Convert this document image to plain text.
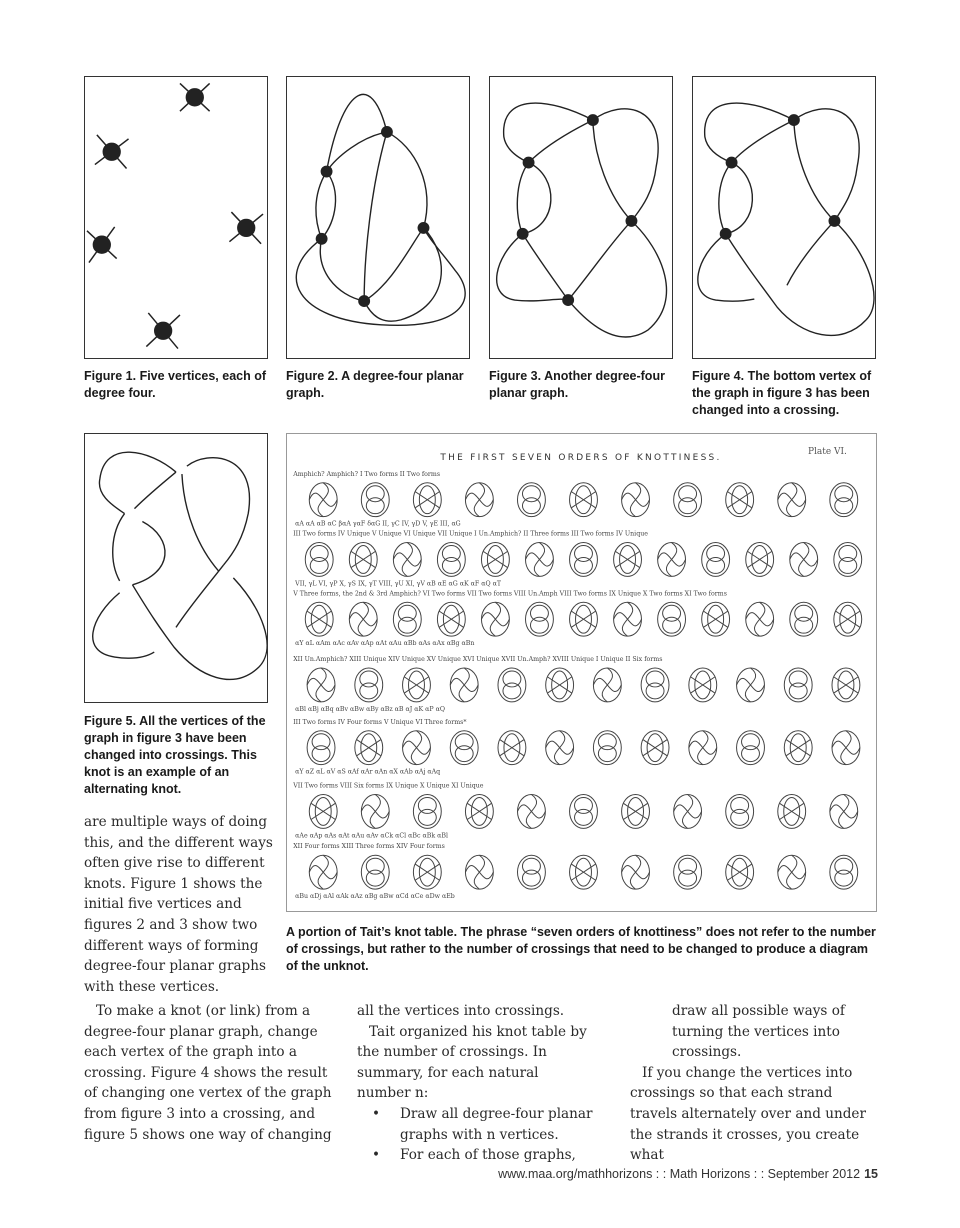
Figure 1. Five vertices, each of degree four.
Figure 2. A degree-four planar graph.
Figure 3. Another degree-four planar graph.
Figure 4. The bottom vertex of the graph in figure 3 has been changed into a crossing.
Figure 5. All the vertices of the graph in figure 3 have been changed into crossings. This knot is an example of an alternating knot.
THE FIRST SEVEN ORDERS OF KNOTTINESS.
Plate VI.
Amphich? Amphich? I Two forms II Two forms
αA αA αB αC βαA γαF δαG II, γC IV, γD V, γE III, αG
III Two forms IV Unique V Unique VI Unique VII Unique I Un.Amphich? II Three forms III Two forms IV Unique
VII, γL VI, γP X, γS IX, γT VIII, γU XI, γV αB αE αG αK αF αQ αT
V Three forms, the 2nd & 3rd Amphich? VI Two forms VII Two forms VIII Un.Amph VIII Two forms IX Unique X Two forms XI Two forms
αY αL αAm αAc αAv αAp αAt αAu αBb αAs αAx αBg αBn
XII Un.Amphich? XIII Unique XIV Unique XV Unique XVI Unique XVII Un.Amph? XVIII Unique I Unique II Six forms
αBl αBj αBq αBv αBw αBy αBz αB αJ αK αP αQ
III Two forms IV Four forms V Unique VI Three forms*
αY αZ αL αV αS αAf αAr αAn αX αAb αAj αAq
VII Two forms VIII Six forms IX Unique X Unique XI Unique
αAe αAp αAs αAt αAu αAv αCk αCl αBc αBk αBl
XII Four forms XIII Three forms XIV Four forms
αBu αDj αAl αAk αAz αBg αBw αCd αCe αDw αEb
A portion of Tait’s knot table. The phrase “seven orders of knottiness” does not refer to the number of crossings, but rather to the number of crossings that need to be changed to produce a diagram of the unknot.

are multiple ways of doing this, and the different ways often give rise to different knots. Figure 1 shows the initial five vertices and figures 2 and 3 show two different ways of forming degree-four planar graphs with these vertices.

To make a knot (or link) from a degree-four planar graph, change each vertex of the graph into a crossing. Figure 4 shows the result of changing one vertex of the graph from figure 3 into a crossing, and figure 5 shows one way of changing

all the vertices into crossings.

Tait organized his knot table by the number of crossings. In summary, for each natural number n:

• Draw all degree-four planar graphs with n vertices.
• For each of those graphs,

draw all possible ways of turning the vertices into crossings.

If you change the vertices into crossings so that each strand travels alternately over and under the strands it crosses, you create what

www.maa.org/mathhorizons : : Math Horizons : : September 2012 15
